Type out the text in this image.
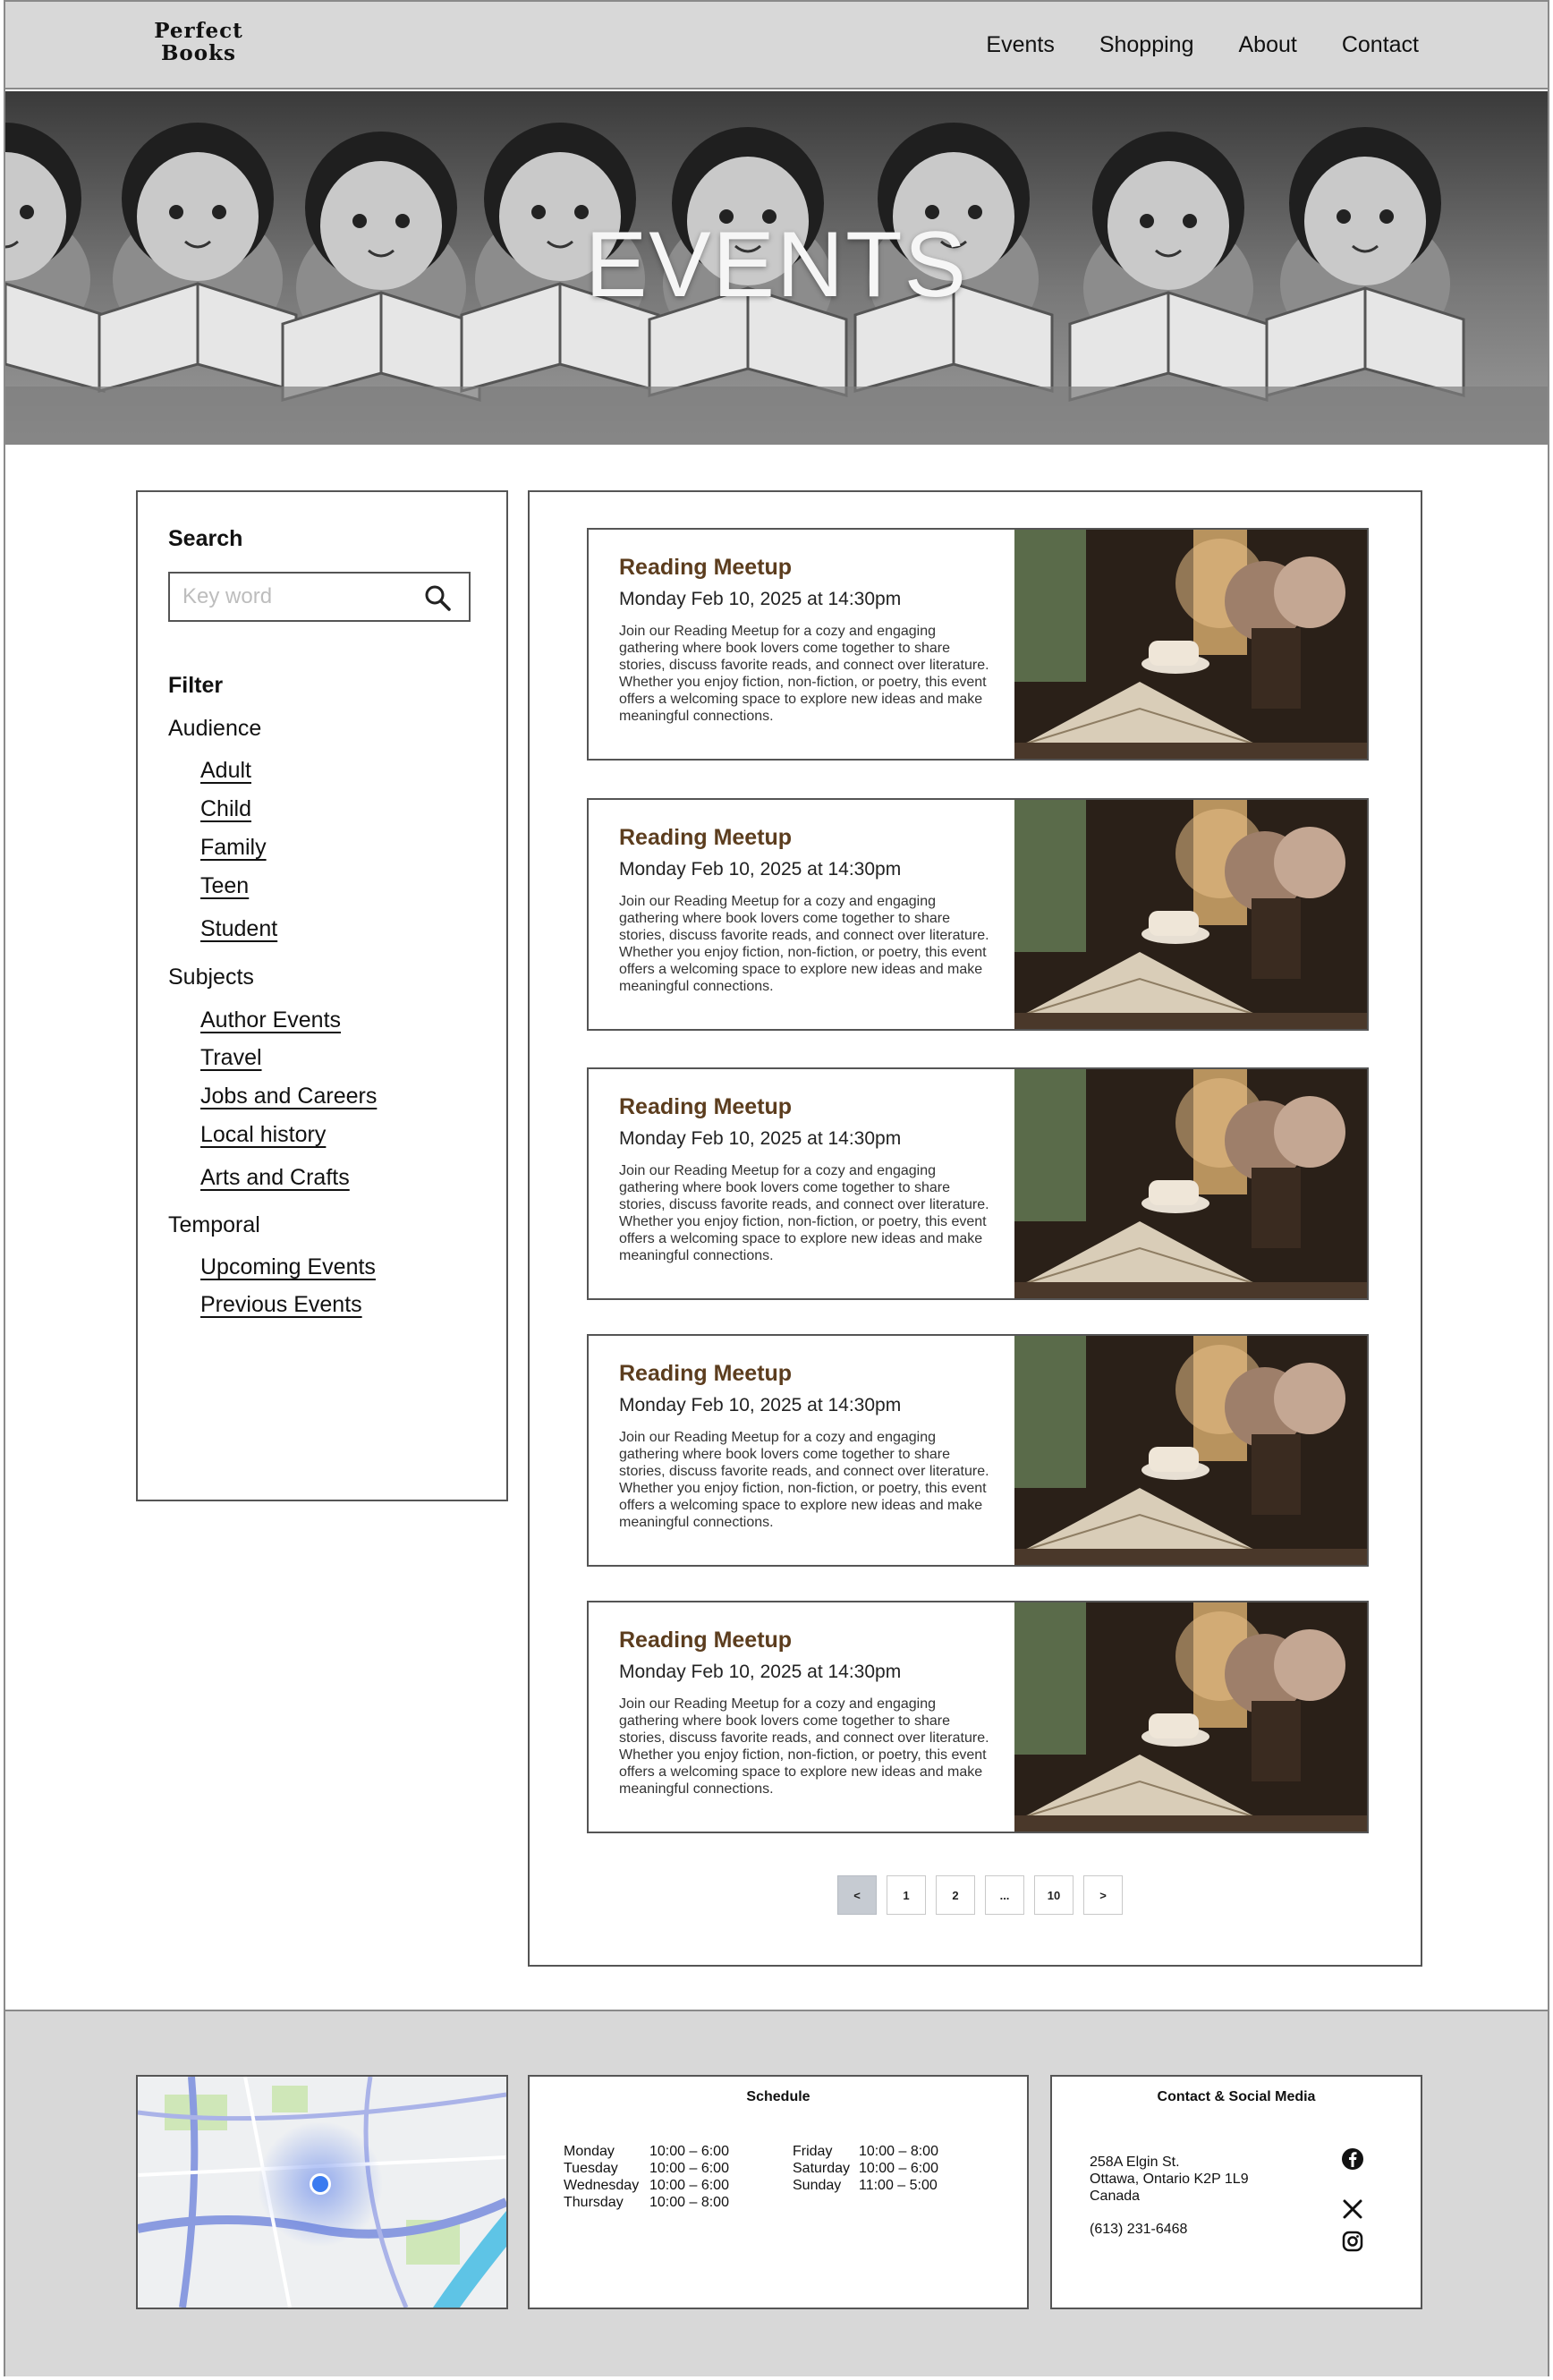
Perfect
Books	Events Shopping About Contact
EVENTS
Search
Key word
Filter
Audience
Adult
Child
Family
Teen
Student
Subjects
Author Events
Travel
Jobs and Careers
Local history
Arts and Crafts
Temporal
Upcoming Events
Previous Events
Reading Meetup
Monday Feb 10, 2025 at 14:30pm
Join our Reading Meetup for a cozy and engaging gathering where book lovers come together to share stories, discuss favorite reads, and connect over literature. Whether you enjoy fiction, non-fiction, or poetry, this event offers a welcoming space to explore new ideas and make meaningful connections.
Reading Meetup
Monday Feb 10, 2025 at 14:30pm
Join our Reading Meetup for a cozy and engaging gathering where book lovers come together to share stories, discuss favorite reads, and connect over literature. Whether you enjoy fiction, non-fiction, or poetry, this event offers a welcoming space to explore new ideas and make meaningful connections.
Reading Meetup
Monday Feb 10, 2025 at 14:30pm
Join our Reading Meetup for a cozy and engaging gathering where book lovers come together to share stories, discuss favorite reads, and connect over literature. Whether you enjoy fiction, non-fiction, or poetry, this event offers a welcoming space to explore new ideas and make meaningful connections.
Reading Meetup
Monday Feb 10, 2025 at 14:30pm
Join our Reading Meetup for a cozy and engaging gathering where book lovers come together to share stories, discuss favorite reads, and connect over literature. Whether you enjoy fiction, non-fiction, or poetry, this event offers a welcoming space to explore new ideas and make meaningful connections.
Reading Meetup
Monday Feb 10, 2025 at 14:30pm
Join our Reading Meetup for a cozy and engaging gathering where book lovers come together to share stories, discuss favorite reads, and connect over literature. Whether you enjoy fiction, non-fiction, or poetry, this event offers a welcoming space to explore new ideas and make meaningful connections.
<	1	2	...	10	>
Schedule
Monday	10:00 – 6:00
Tuesday	10:00 – 6:00
Wednesday 10:00 – 6:00
Thursday	10:00 – 8:00
Friday	10:00 – 8:00
Saturday 10:00 – 6:00
Sunday	11:00 – 5:00
Contact & Social Media
258A Elgin St.
Ottawa, Ontario K2P 1L9
Canada
(613) 231-6468
